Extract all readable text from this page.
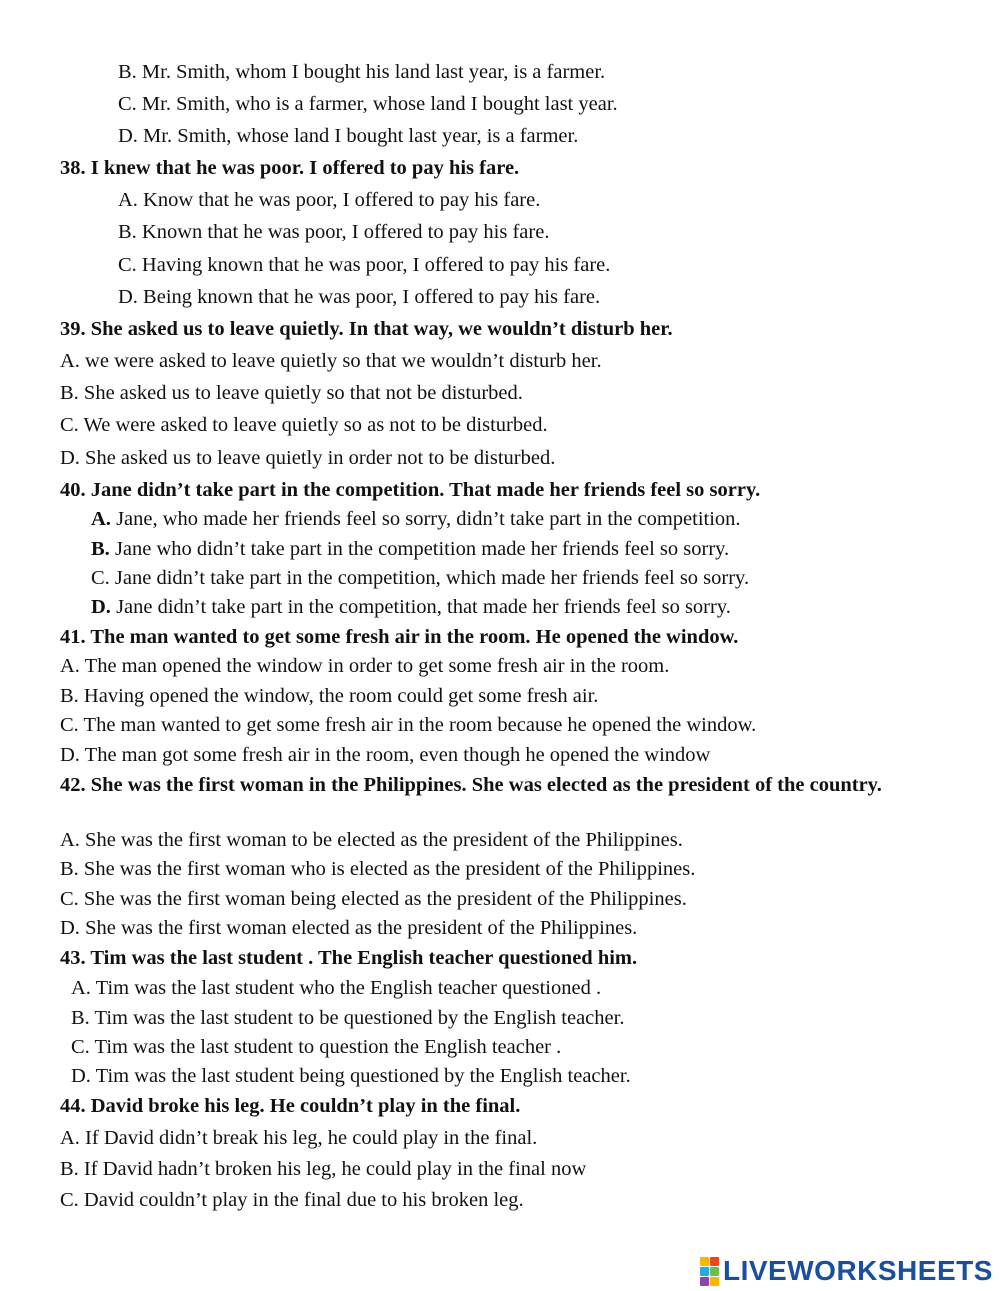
B. Mr. Smith, whom I bought his land last year, is a farmer.
C. Mr. Smith, who is a farmer, whose land I bought last year.
D. Mr. Smith, whose land I bought last year, is a farmer.
38. I knew that he was poor. I offered to pay his fare.
A. Know that he was poor, I offered to pay his fare.
B. Known that he was poor, I offered to pay his fare.
C. Having known that he was poor, I offered to pay his fare.
D. Being known that he was poor, I offered to pay his fare.
39. She asked us to leave quietly. In that way, we wouldn’t disturb her.
A. we were asked to leave quietly so that we wouldn’t disturb her.
B. She asked us to leave quietly so that not be disturbed.
C. We were asked to leave quietly so as not to be disturbed.
D. She asked us to leave quietly in order not to be disturbed.
40. Jane didn’t take part in the competition. That made her friends feel so sorry.
A. Jane, who made her friends feel so sorry, didn’t take part in the competition.
B. Jane who didn’t take part in the competition made her friends feel so sorry.
C. Jane didn’t take part in the competition, which made her friends feel so sorry.
D. Jane didn’t take part in the competition, that made her friends feel so sorry.
41. The man wanted to get some fresh air in the room. He opened the window.
A. The man opened the window in order to get some fresh air in the room.
B. Having opened the window, the room could get some fresh air.
C. The man wanted to get some fresh air in the room because he opened the window.
D. The man got some fresh air in the room, even though he opened the window
42. She was the first woman in the Philippines. She was elected as the president of the country.
A. She was the first woman to be elected as the president of the Philippines.
B. She was the first woman who is elected as the president of the Philippines.
C. She was the first woman being elected as the president of the Philippines.
D. She was the first woman elected as the president of the Philippines.
43. Tim was the last student . The English teacher questioned him.
A. Tim was the last student who the English teacher questioned .
B. Tim was the last student to be questioned by the English teacher.
C. Tim was the last student to question the English teacher .
D. Tim was the last student being questioned by the English teacher.
44. David broke his leg. He couldn’t play in the final.
A. If David didn’t break his leg, he could play in the final.
B. If David hadn’t broken his leg, he could play in the final now
C. David couldn’t play in the final due to his broken leg.
LIVEWORKSHEETS
